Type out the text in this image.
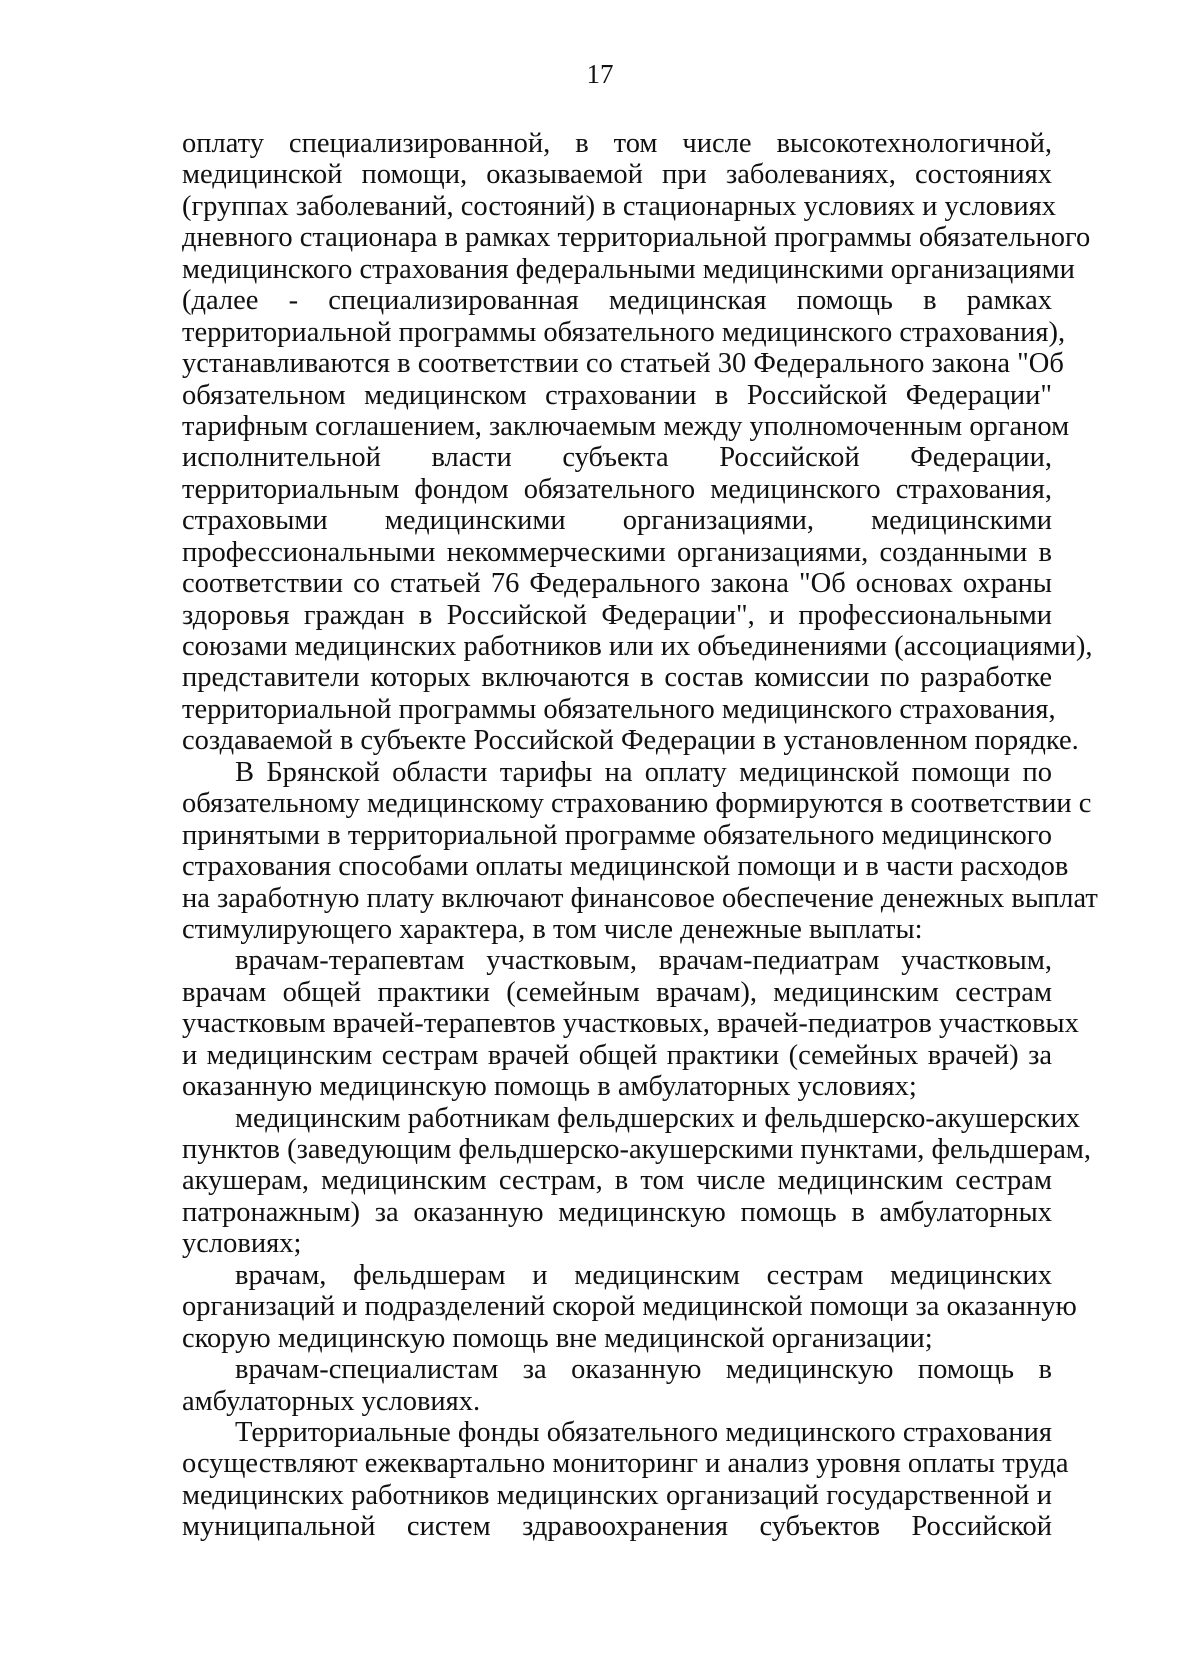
17
оплату специализированной, в том числе высокотехнологичной,
медицинской помощи, оказываемой при заболеваниях, состояниях
(группах заболеваний, состояний) в стационарных условиях и условиях
дневного стационара в рамках территориальной программы обязательного
медицинского страхования федеральными медицинскими организациями
(далее - специализированная медицинская помощь в рамках
территориальной программы обязательного медицинского страхования),
устанавливаются в соответствии со статьей 30 Федерального закона "Об
обязательном медицинском страховании в Российской Федерации"
тарифным соглашением, заключаемым между уполномоченным органом
исполнительной власти субъекта Российской Федерации,
территориальным фондом обязательного медицинского страхования,
страховыми медицинскими организациями, медицинскими
профессиональными некоммерческими организациями, созданными в
соответствии со статьей 76 Федерального закона "Об основах охраны
здоровья граждан в Российской Федерации", и профессиональными
союзами медицинских работников или их объединениями (ассоциациями),
представители которых включаются в состав комиссии по разработке
территориальной программы обязательного медицинского страхования,
создаваемой в субъекте Российской Федерации в установленном порядке.
В Брянской области тарифы на оплату медицинской помощи по
обязательному медицинскому страхованию формируются в соответствии с
принятыми в территориальной программе обязательного медицинского
страхования способами оплаты медицинской помощи и в части расходов
на заработную плату включают финансовое обеспечение денежных выплат
стимулирующего характера, в том числе денежные выплаты:
врачам-терапевтам участковым, врачам-педиатрам участковым,
врачам общей практики (семейным врачам), медицинским сестрам
участковым врачей-терапевтов участковых, врачей-педиатров участковых
и медицинским сестрам врачей общей практики (семейных врачей) за
оказанную медицинскую помощь в амбулаторных условиях;
медицинским работникам фельдшерских и фельдшерско-акушерских
пунктов (заведующим фельдшерско-акушерскими пунктами, фельдшерам,
акушерам, медицинским сестрам, в том числе медицинским сестрам
патронажным) за оказанную медицинскую помощь в амбулаторных
условиях;
врачам, фельдшерам и медицинским сестрам медицинских
организаций и подразделений скорой медицинской помощи за оказанную
скорую медицинскую помощь вне медицинской организации;
врачам-специалистам за оказанную медицинскую помощь в
амбулаторных условиях.
Территориальные фонды обязательного медицинского страхования
осуществляют ежеквартально мониторинг и анализ уровня оплаты труда
медицинских работников медицинских организаций государственной и
муниципальной систем здравоохранения субъектов Российской
